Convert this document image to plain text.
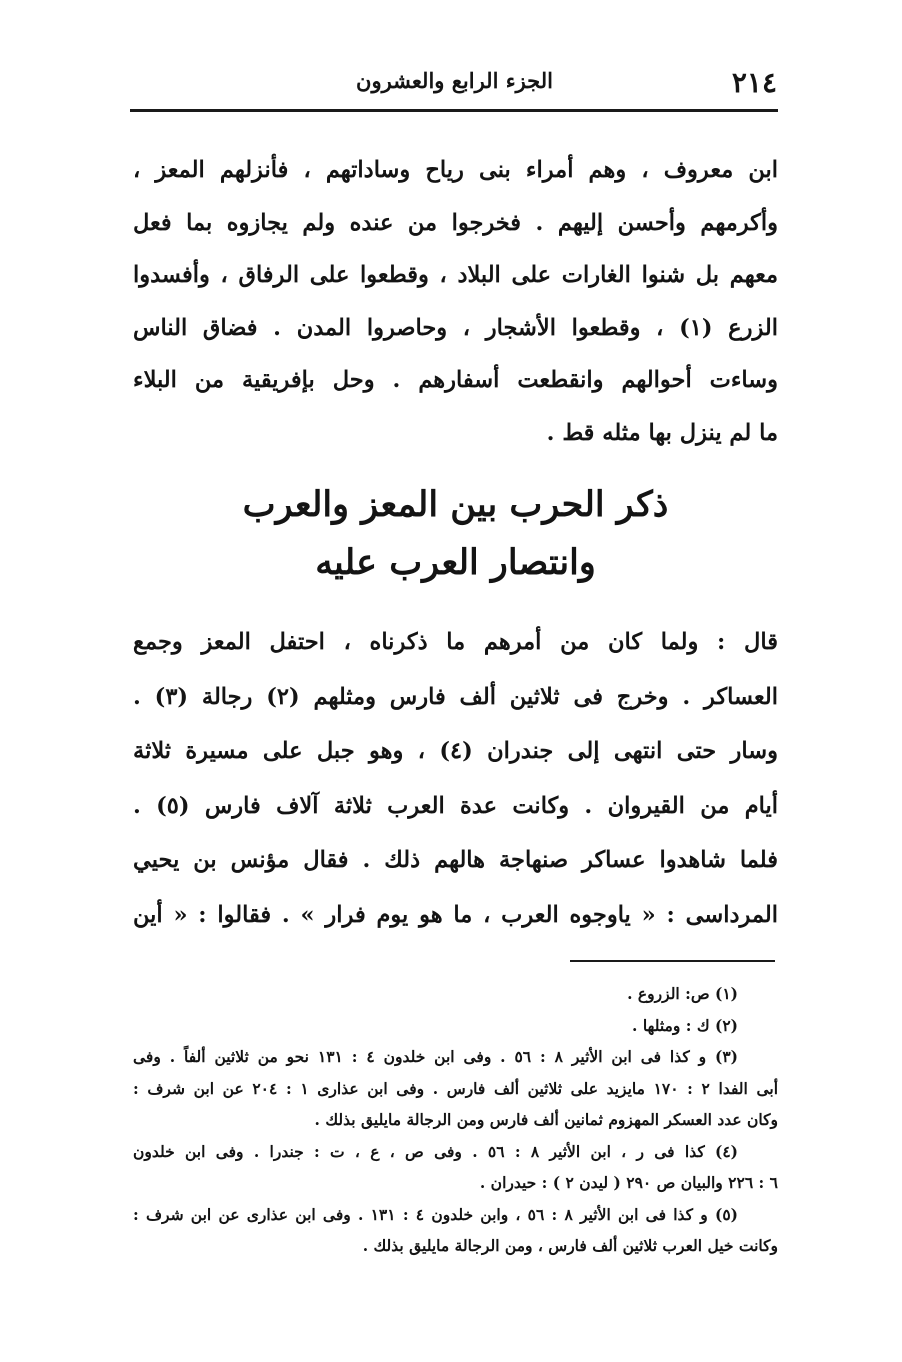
٢١٤
الجزء الرابع والعشرون
ابن معروف ، وهم أمراء بنى رياح وساداتهم ، فأنزلهم المعز ،
وأكرمهم وأحسن إليهم . فخرجوا من عنده ولم يجازوه بما فعل
معهم بل شنوا الغارات على البلاد ، وقطعوا على الرفاق ، وأفسدوا
الزرع (١) ، وقطعوا الأشجار ، وحاصروا المدن . فضاق الناس
وساءت أحوالهم وانقطعت أسفارهم . وحل بإفريقية من البلاء
ما لم ينزل بها مثله قط .
ذكر الحرب بين المعز والعرب
وانتصار العرب عليه
قال : ولما كان من أمرهم ما ذكرناه ، احتفل المعز وجمع
العساكر . وخرج فى ثلاثين ألف فارس ومثلهم (٢) رجالة (٣) .
وسار حتى انتهى إلى جندران (٤) ، وهو جبل على مسيرة ثلاثة
أيام من القيروان . وكانت عدة العرب ثلاثة آلاف فارس (٥) .
فلما شاهدوا عساكر صنهاجة هالهم ذلك . فقال مؤنس بن يحيي
المرداسى : « ياوجوه العرب ، ما هو يوم فرار » . فقالوا : « أين
(١) ص: الزروع .
(٢) ك : ومثلها .
(٣) و كذا فى ابن الأثير ٨ : ٥٦ . وفى ابن خلدون ٤ : ١٣١ نحو من ثلاثين ألفاً . وفى
أبى الفدا ٢ : ١٧٠ مايزيد على ثلاثين ألف فارس . وفى ابن عذارى ١ : ٢٠٤ عن ابن شرف :
وكان عدد العسكر المهزوم ثمانين ألف فارس ومن الرجالة مايليق بذلك .
(٤) كذا فى ر ، ابن الأثير ٨ : ٥٦ . وفى ص ، ع ، ت : جندرا . وفى ابن خلدون
٦ : ٢٢٦ والبيان ص ٢٩٠ ( ليدن ٢ ) : حيدران .
(٥) و كذا فى ابن الأثير ٨ : ٥٦ ، وابن خلدون ٤ : ١٣١ . وفى ابن عذارى عن ابن شرف :
وكانت خيل العرب ثلاثين ألف فارس ، ومن الرجالة مايليق بذلك .
